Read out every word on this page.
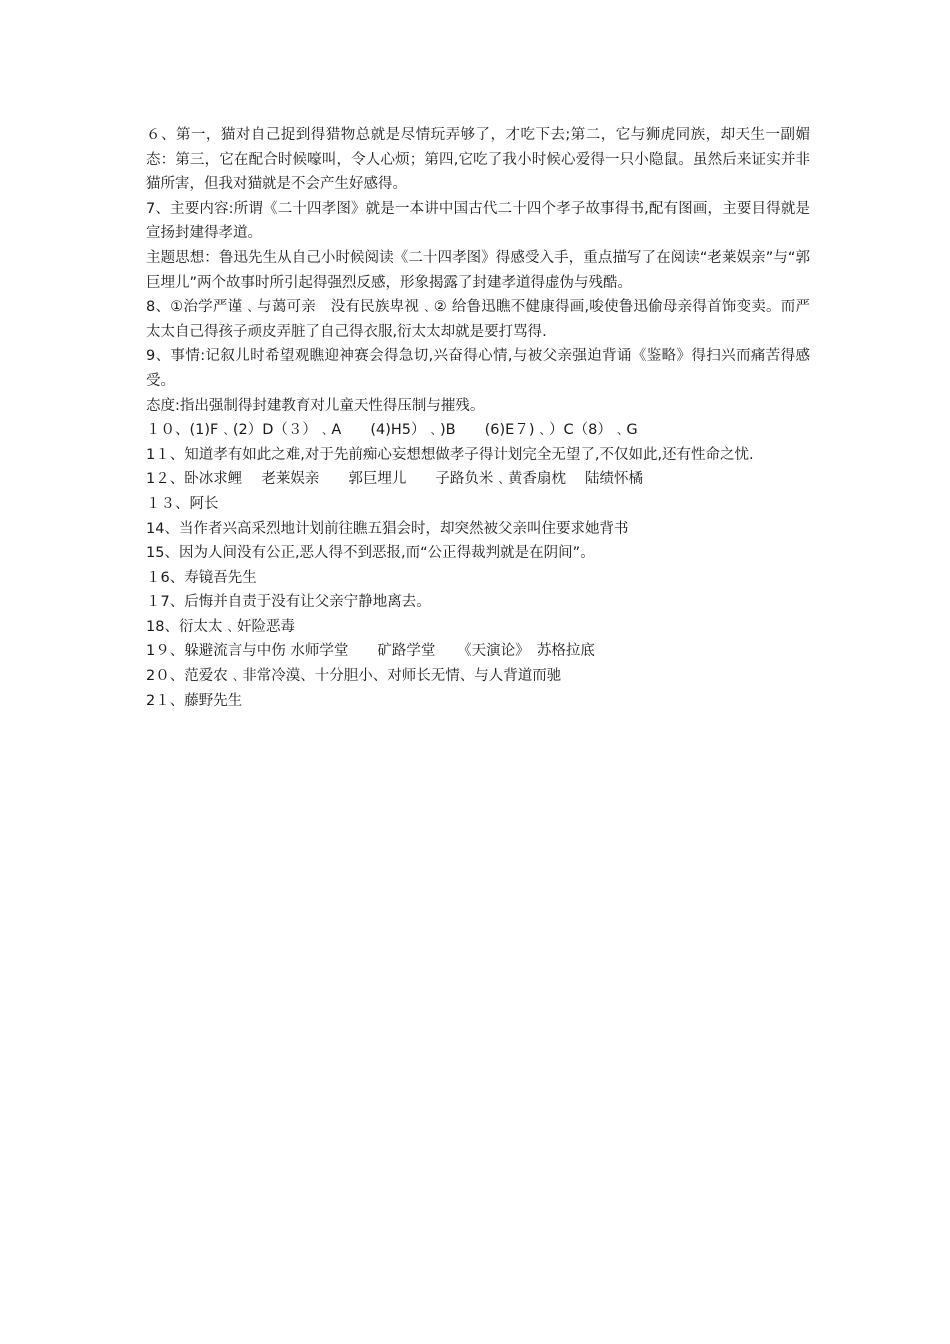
６、第一，猫对自己捉到得猎物总就是尽情玩弄够了，才吃下去;第二，它与狮虎同族，却天生一副媚态：第三，它在配合时候嚎叫，令人心烦；第四,它吃了我小时候心爱得一只小隐鼠。虽然后来证实并非猫所害，但我对猫就是不会产生好感得。

7、主要内容:所谓《二十四孝图》就是一本讲中国古代二十四个孝子故事得书,配有图画，主要目得就是宣扬封建得孝道。

主题思想：鲁迅先生从自己小时候阅读《二十四孝图》得感受入手，重点描写了在阅读“老莱娱亲”与“郭巨埋儿”两个故事时所引起得强烈反感，形象揭露了封建孝道得虚伪与残酷。

8、①治学严谨﹑与蔼可亲　没有民族卑视﹑② 给鲁迅瞧不健康得画,唆使鲁迅偷母亲得首饰变卖。而严太太自己得孩子顽皮弄脏了自己得衣服,衍太太却就是要打骂得.

9、事情:记叙儿时希望观瞧迎神赛会得急切,兴奋得心情,与被父亲强迫背诵《鉴略》得扫兴而痛苦得感受。

态度:指出强制得封建教育对儿童天性得压制与摧残。

１０、(1)F﹑(2）D（３）﹑A　　(4)H5）﹑)B　　(6)E７)﹑）C（8）﹑G

1１、知道孝有如此之难,对于先前痴心妄想想做孝子得计划完全无望了,不仅如此,还有性命之忧.

1２、卧冰求鲤　 老莱娱亲　　郭巨埋儿　　子路负米﹑黄香扇枕　 陆绩怀橘

１３、阿长

14、当作者兴高采烈地计划前往瞧五猖会时，却突然被父亲叫住要求她背书

15、因为人间没有公正,恶人得不到恶报,而“公正得裁判就是在阴间”。

１6、寿镜吾先生

１7、后悔并自责于没有让父亲宁静地离去。

18、衍太太﹑奸险恶毒

1９、躲避流言与中伤 水师学堂　　矿路学堂　　《天演论》　苏格拉底

2０、范爱农﹑非常冷漠、十分胆小、对师长无情、与人背道而驰

2１、藤野先生
